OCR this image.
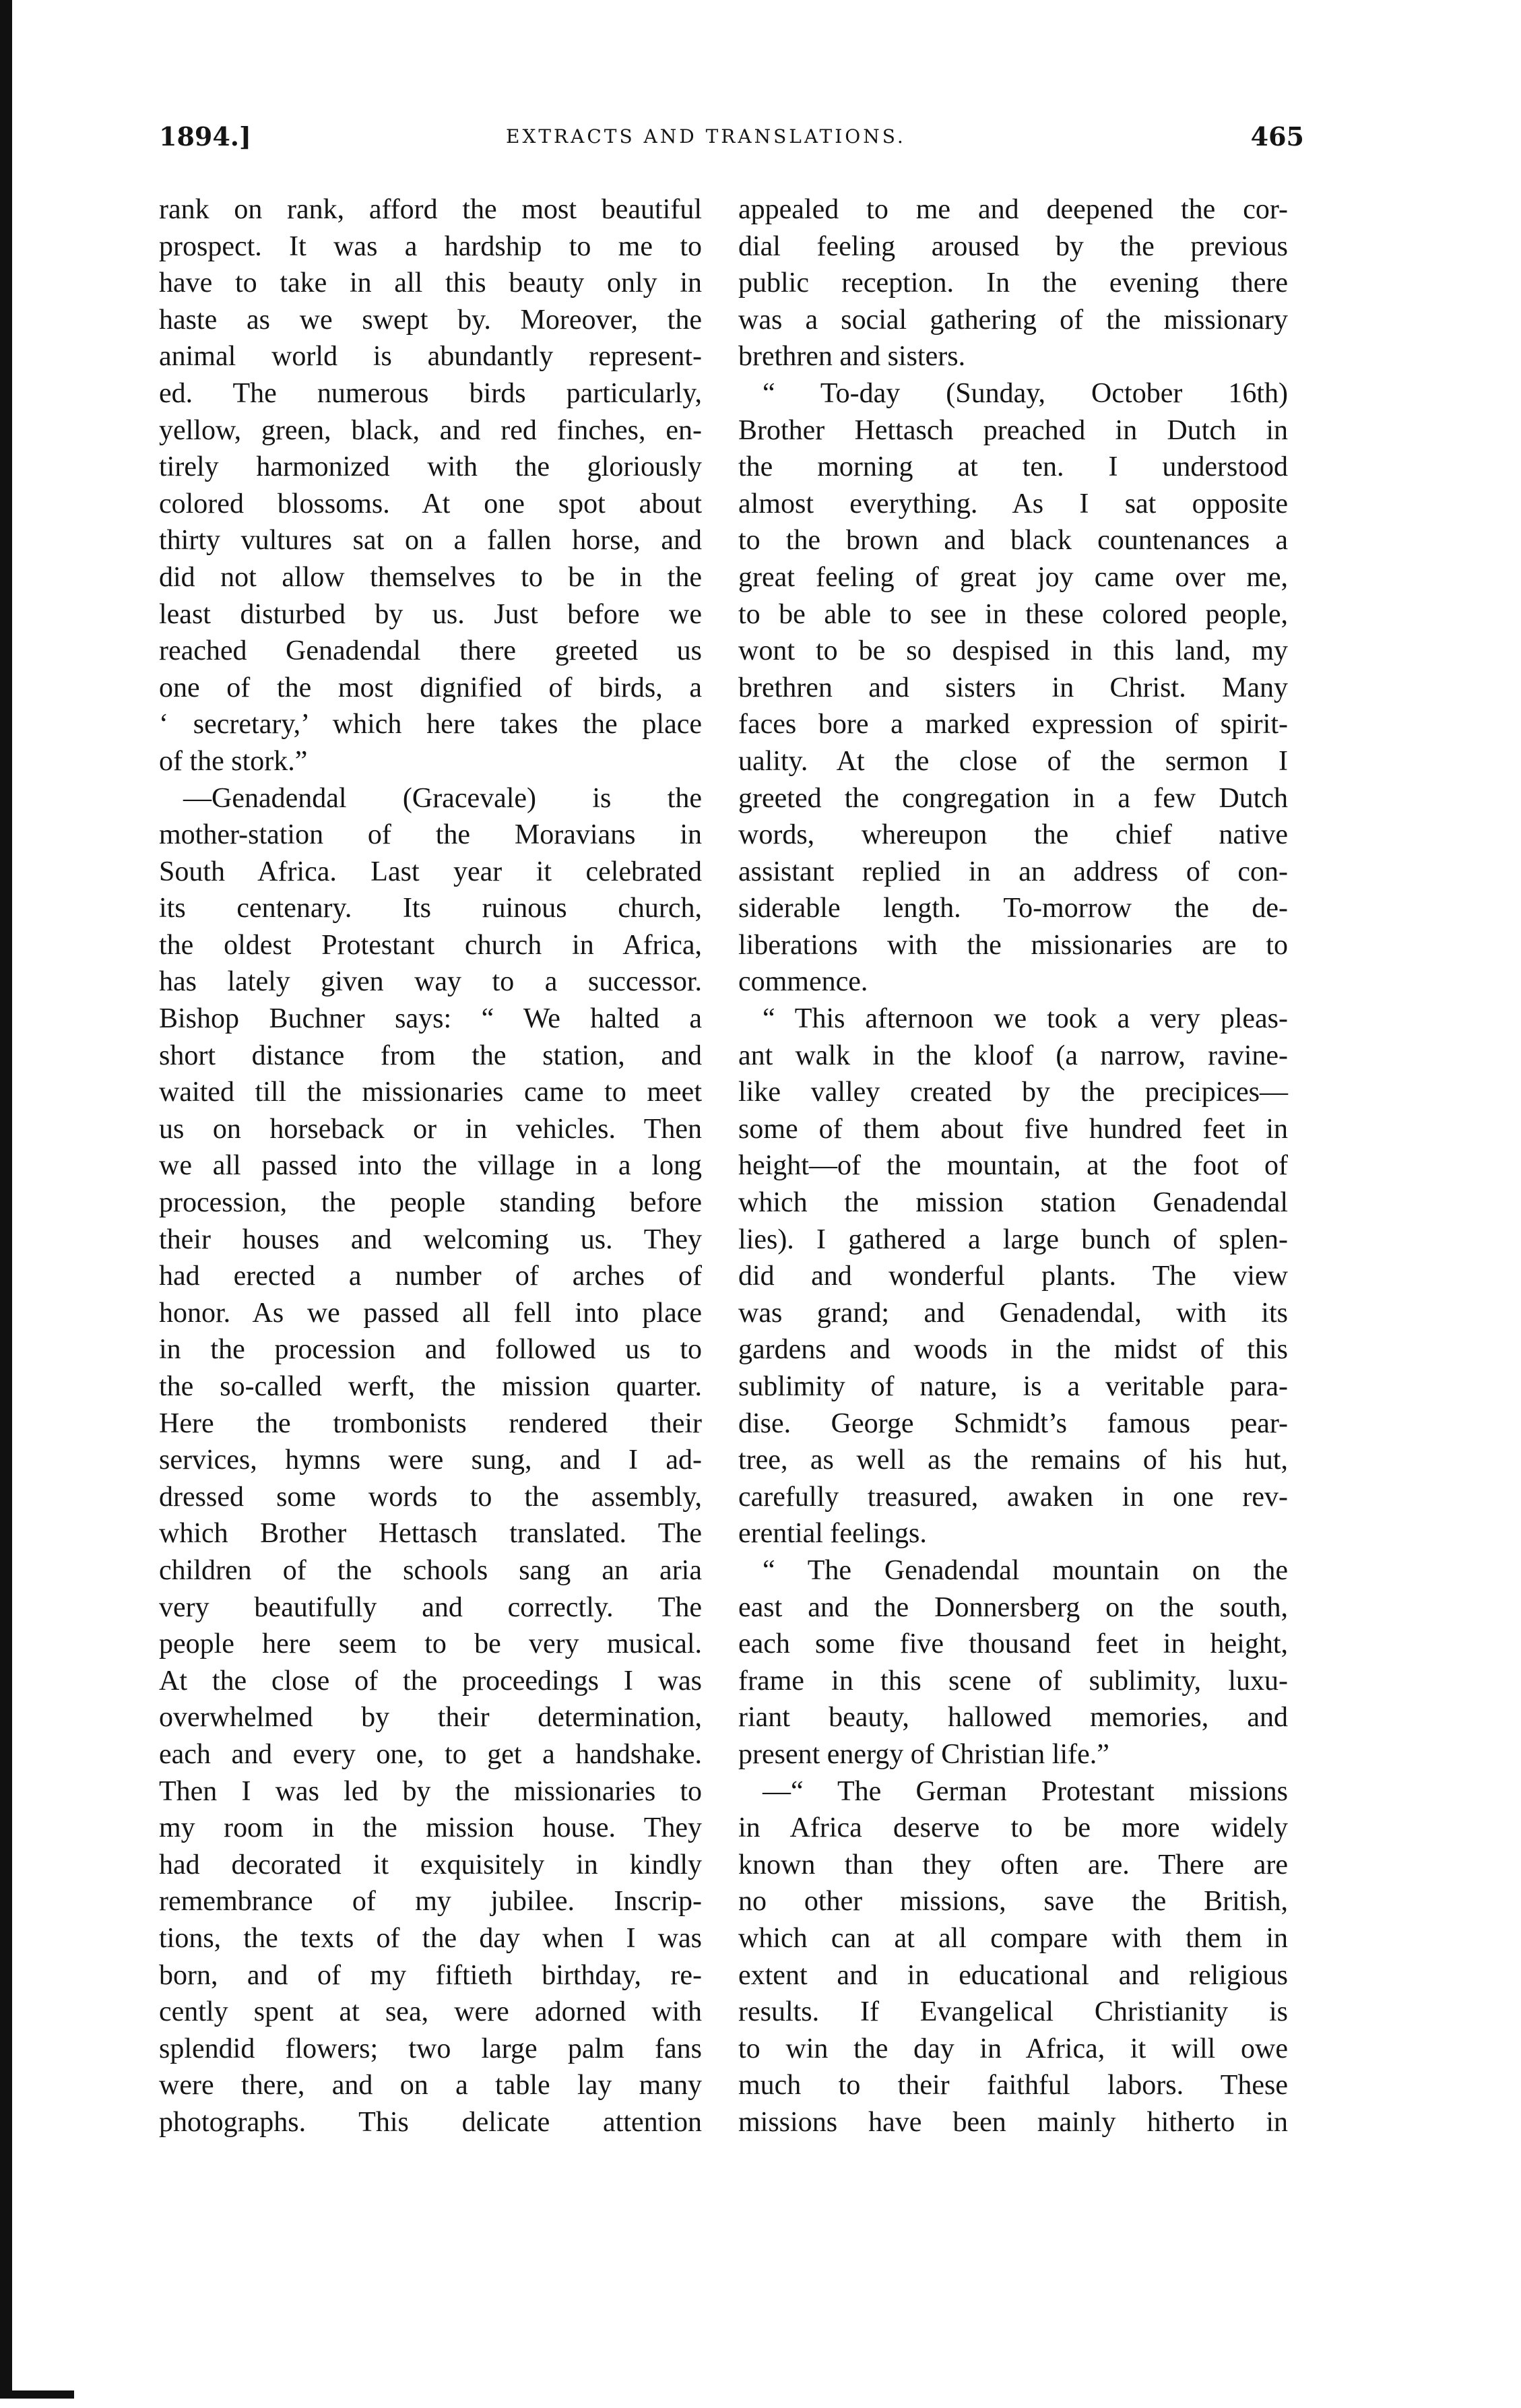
1894.]	EXTRACTS AND TRANSLATIONS.	465

rank on rank, afford the most beautiful

prospect. It was a hardship to me to

have to take in all this beauty only in

haste as we swept by. Moreover, the

animal world is abundantly represent-

ed. The numerous birds particularly,

yellow, green, black, and red finches, en-

tirely harmonized with the gloriously

colored blossoms. At one spot about

thirty vultures sat on a fallen horse, and

did not allow themselves to be in the

least disturbed by us. Just before we

reached Genadendal there greeted us

one of the most dignified of birds, a

‘ secretary,’ which here takes the place

of the stork.”

—Genadendal (Gracevale) is the

mother-station of the Moravians in

South Africa. Last year it celebrated

its centenary. Its ruinous church,

the oldest Protestant church in Africa,

has lately given way to a successor.

Bishop Buchner says: “ We halted a

short distance from the station, and

waited till the missionaries came to meet

us on horseback or in vehicles. Then

we all passed into the village in a long

procession, the people standing before

their houses and welcoming us. They

had erected a number of arches of

honor. As we passed all fell into place

in the procession and followed us to

the so-called werft, the mission quarter.

Here the trombonists rendered their

services, hymns were sung, and I ad-

dressed some words to the assembly,

which Brother Hettasch translated. The

children of the schools sang an aria

very beautifully and correctly. The

people here seem to be very musical.

At the close of the proceedings I was

overwhelmed by their determination,

each and every one, to get a handshake.

Then I was led by the missionaries to

my room in the mission house. They

had decorated it exquisitely in kindly

remembrance of my jubilee. Inscrip-

tions, the texts of the day when I was

born, and of my fiftieth birthday, re-

cently spent at sea, were adorned with

splendid flowers; two large palm fans

were there, and on a table lay many

photographs. This delicate attention

appealed to me and deepened the cor-

dial feeling aroused by the previous

public reception. In the evening there

was a social gathering of the missionary

brethren and sisters.

“ To-day (Sunday, October 16th)

Brother Hettasch preached in Dutch in

the morning at ten. I understood

almost everything. As I sat opposite

to the brown and black countenances a

great feeling of great joy came over me,

to be able to see in these colored people,

wont to be so despised in this land, my

brethren and sisters in Christ. Many

faces bore a marked expression of spirit-

uality. At the close of the sermon I

greeted the congregation in a few Dutch

words, whereupon the chief native

assistant replied in an address of con-

siderable length. To-morrow the de-

liberations with the missionaries are to

commence.

“ This afternoon we took a very pleas-

ant walk in the kloof (a narrow, ravine-

like valley created by the precipices—

some of them about five hundred feet in

height—of the mountain, at the foot of

which the mission station Genadendal

lies). I gathered a large bunch of splen-

did and wonderful plants. The view

was grand; and Genadendal, with its

gardens and woods in the midst of this

sublimity of nature, is a veritable para-

dise. George Schmidt’s famous pear-

tree, as well as the remains of his hut,

carefully treasured, awaken in one rev-

erential feelings.

“ The Genadendal mountain on the

east and the Donnersberg on the south,

each some five thousand feet in height,

frame in this scene of sublimity, luxu-

riant beauty, hallowed memories, and

present energy of Christian life.”

—“ The German Protestant missions

in Africa deserve to be more widely

known than they often are. There are

no other missions, save the British,

which can at all compare with them in

extent and in educational and religious

results. If Evangelical Christianity is

to win the day in Africa, it will owe

much to their faithful labors. These

missions have been mainly hitherto in
